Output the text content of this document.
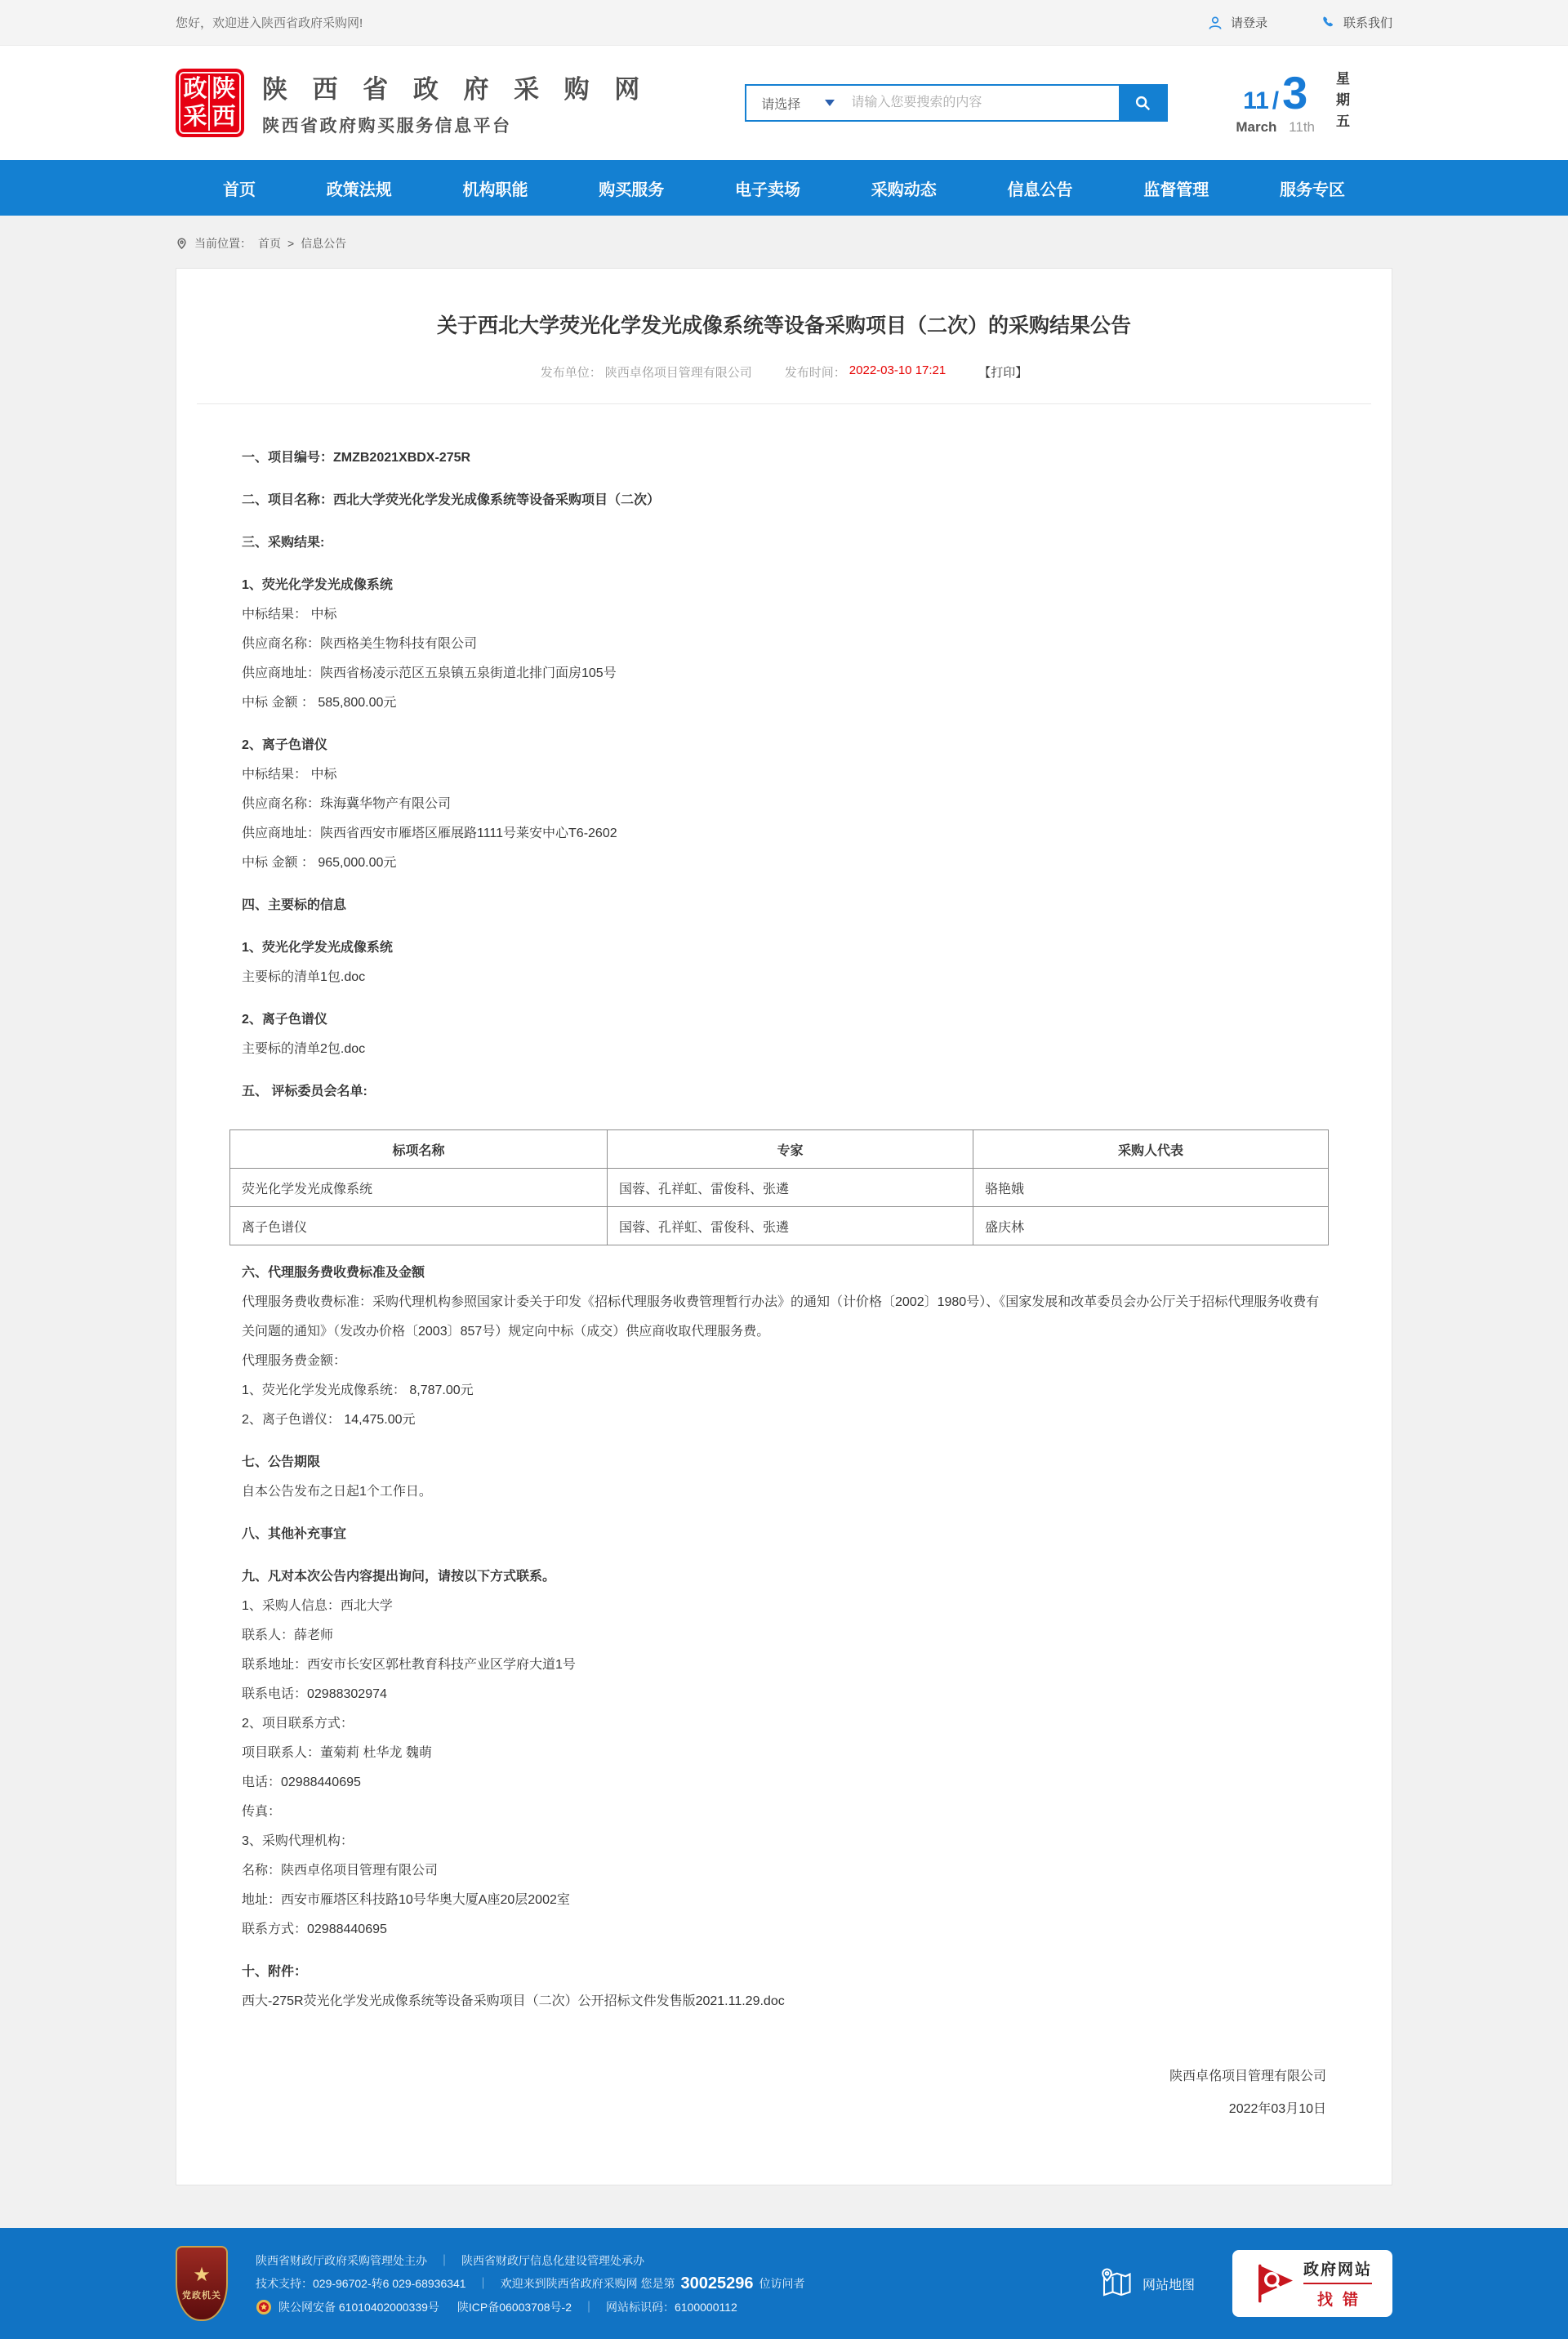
您好，欢迎进入陕西省政府采购网!	请登录	联系我们
政 陕
采 西
陕 西 省 政 府 采 购 网
陕西省政府购买服务信息平台
请选择
请输入您要搜索的内容	11 / 3
March 11th 星期五
首页	政策法规	机构职能	购买服务	电子卖场	采购动态	信息公告	监督管理	服务专区
当前位置： 首页 > 信息公告
关于西北大学荧光化学发光成像系统等设备采购项目（二次）的采购结果公告
发布单位： 陕西卓佲项目管理有限公司	发布时间： 2022-03-10 17:21	【打印】
一、项目编号：ZMZB2021XBDX-275R
二、项目名称：西北大学荧光化学发光成像系统等设备采购项目（二次）
三、采购结果:
1、荧光化学发光成像系统
中标结果： 中标
供应商名称：陕西格美生物科技有限公司
供应商地址：陕西省杨凌示范区五泉镇五泉街道北排门面房105号
中标 金额 ： 585,800.00元
2、离子色谱仪
中标结果： 中标
供应商名称：珠海冀华物产有限公司
供应商地址：陕西省西安市雁塔区雁展路1111号莱安中心T6-2602
中标 金额 ： 965,000.00元
四、主要标的信息
1、荧光化学发光成像系统
主要标的清单1包.doc
2、离子色谱仪
主要标的清单2包.doc
五、 评标委员会名单:
标项名称	专家	采购人代表
荧光化学发光成像系统	国蓉、孔祥虹、雷俊科、张遴	骆艳娥
离子色谱仪	国蓉、孔祥虹、雷俊科、张遴	盛庆林
六、代理服务费收费标准及金额
代理服务费收费标准：采购代理机构参照国家计委关于印发《招标代理服务收费管理暂行办法》的通知（计价格〔2002〕1980号）、《国家发展和改革委员会办公厅关于招标代理服务收费有关问题的通知》（发改办价格〔2003〕857号）规定向中标（成交）供应商收取代理服务费。
代理服务费金额：
1、荧光化学发光成像系统： 8,787.00元
2、离子色谱仪： 14,475.00元
七、公告期限
自本公告发布之日起1个工作日。
八、其他补充事宜
九、凡对本次公告内容提出询问，请按以下方式联系。
1、采购人信息：西北大学
联系人：薛老师
联系地址：西安市长安区郭杜教育科技产业区学府大道1号
联系电话：02988302974
2、项目联系方式：
项目联系人：董菊莉 杜华龙 魏萌
电话：02988440695
传真：
3、采购代理机构：
名称：陕西卓佲项目管理有限公司
地址：西安市雁塔区科技路10号华奥大厦A座20层2002室
联系方式：02988440695
十、附件：
西大-275R荧光化学发光成像系统等设备采购项目（二次）公开招标文件发售版2021.11.29.doc
陕西卓佲项目管理有限公司
2022年03月10日
★
党政机关
陕西省财政厅政府采购管理处主办 ｜ 陕西省财政厅信息化建设管理处承办
技术支持：029-96702-转6 029-68936341 ｜ 欢迎来到陕西省政府采购网 您是第 30025296 位访问者
陕公网安备 61010402000339号 陕ICP备06003708号-2 ｜ 网站标识码：6100000112
网站地图
政府网站
找错
